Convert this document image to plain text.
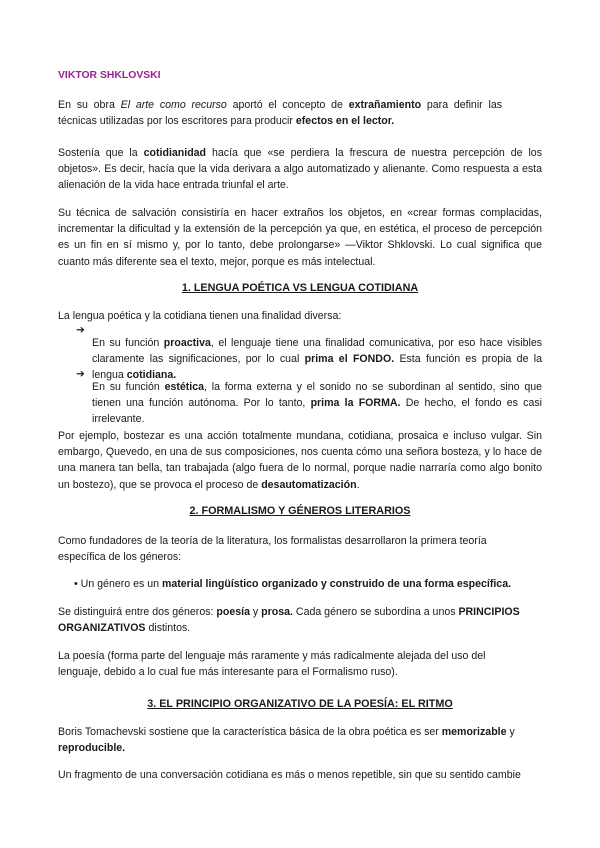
VIKTOR SHKLOVSKI

En su obra El arte como recurso aportó el concepto de extrañamiento para definir las técnicas utilizadas por los escritores para producir efectos en el lector.

Sostenía que la cotidianidad hacía que «se perdiera la frescura de nuestra percepción de los objetos». Es decir, hacía que la vida derivara a algo automatizado y alienante. Como respuesta a esta alienación de la vida hace entrada triunfal el arte.

Su técnica de salvación consistiría en hacer extraños los objetos, en «crear formas complacidas, incrementar la dificultad y la extensión de la percepción ya que, en estética, el proceso de percepción es un fin en sí mismo y, por lo tanto, debe prolongarse» —Viktor Shklovski. Lo cual significa que cuanto más diferente sea el texto, mejor, porque es más intelectual.

1. LENGUA POÉTICA VS LENGUA COTIDIANA

La lengua poética y la cotidiana tienen una finalidad diversa:

➔

En su función proactiva, el lenguaje tiene una finalidad comunicativa, por eso hace visibles claramente las significaciones, por lo cual prima el FONDO. Esta función es propia de la lengua cotidiana.

➔

En su función estética, la forma externa y el sonido no se subordinan al sentido, sino que tienen una función autónoma. Por lo tanto, prima la FORMA. De hecho, el fondo es casi irrelevante.

Por ejemplo, bostezar es una acción totalmente mundana, cotidiana, prosaica e incluso vulgar. Sin embargo, Quevedo, en una de sus composiciones, nos cuenta cómo una señora bosteza, y lo hace de una manera tan bella, tan trabajada (algo fuera de lo normal, porque nadie narraría como algo bonito un bostezo), que se provoca el proceso de desautomatización.

2. FORMALISMO Y GÉNEROS LITERARIOS

Como fundadores de la teoría de la literatura, los formalistas desarrollaron la primera teoría específica de los géneros:

• Un género es un material lingüístico organizado y construido de una forma específica.

Se distinguirá entre dos géneros: poesía y prosa. Cada género se subordina a unos PRINCIPIOS ORGANIZATIVOS distintos.

La poesía (forma parte del lenguaje más raramente y más radicalmente alejada del uso del lenguaje, debido a lo cual fue más interesante para el Formalismo ruso).

3. EL PRINCIPIO ORGANIZATIVO DE LA POESÍA: EL RITMO

Boris Tomachevski sostiene que la característica básica de la obra poética es ser memorizable y reproducible.

Un fragmento de una conversación cotidiana es más o menos repetible, sin que su sentido cambie
